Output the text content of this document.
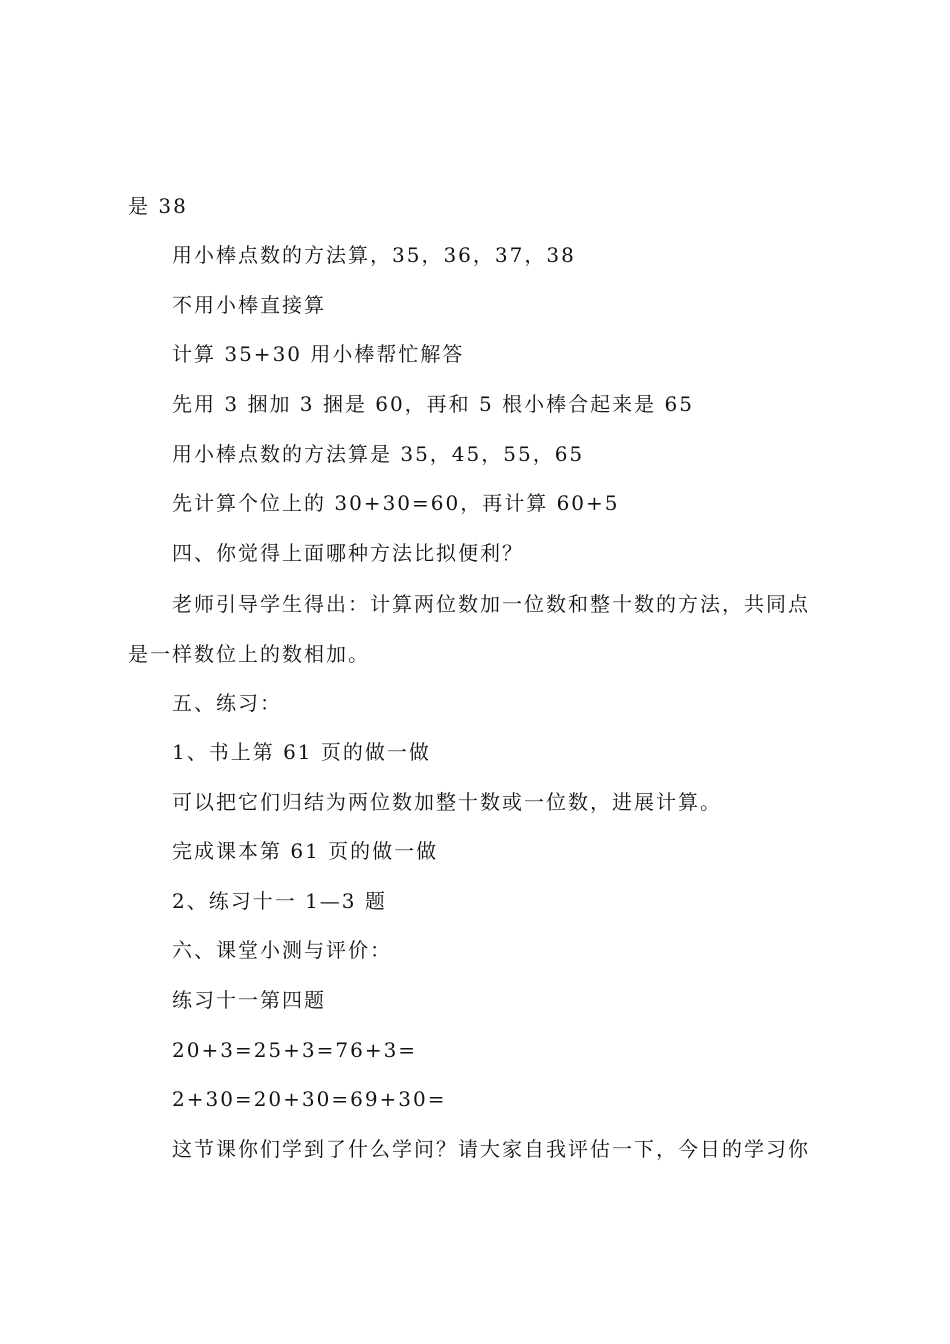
是 38
用小棒点数的方法算，35，36，37，38
不用小棒直接算
计算 35+30 用小棒帮忙解答
先用 3 捆加 3 捆是 60，再和 5 根小棒合起来是 65
用小棒点数的方法算是 35，45，55，65
先计算个位上的 30+30=60，再计算 60+5
四、你觉得上面哪种方法比拟便利？
老师引导学生得出：计算两位数加一位数和整十数的方法，共同点
是一样数位上的数相加。
五、练习：
1、书上第 61 页的做一做
可以把它们归结为两位数加整十数或一位数，进展计算。
完成课本第 61 页的做一做
2、练习十一 1—3 题
六、课堂小测与评价：
练习十一第四题
20+3=25+3=76+3=
2+30=20+30=69+30=
这节课你们学到了什么学问？请大家自我评估一下，今日的学习你
